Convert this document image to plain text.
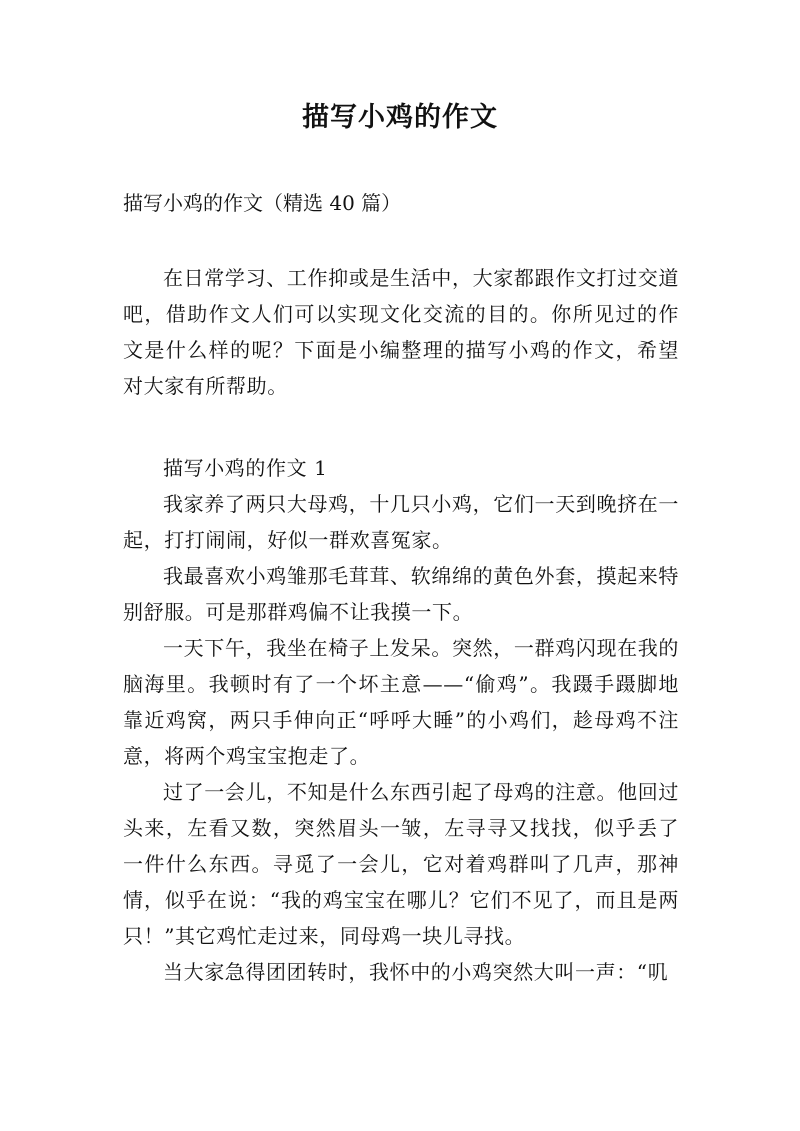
描写小鸡的作文
描写小鸡的作文（精选 40 篇）

在日常学习、工作抑或是生活中，大家都跟作文打过交道吧，借助作文人们可以实现文化交流的目的。你所见过的作文是什么样的呢？下面是小编整理的描写小鸡的作文，希望对大家有所帮助。

描写小鸡的作文 1

我家养了两只大母鸡，十几只小鸡，它们一天到晚挤在一起，打打闹闹，好似一群欢喜冤家。

我最喜欢小鸡雏那毛茸茸、软绵绵的黄色外套，摸起来特别舒服。可是那群鸡偏不让我摸一下。

一天下午，我坐在椅子上发呆。突然，一群鸡闪现在我的脑海里。我顿时有了一个坏主意——“偷鸡”。我蹑手蹑脚地靠近鸡窝，两只手伸向正“呼呼大睡”的小鸡们，趁母鸡不注意，将两个鸡宝宝抱走了。

过了一会儿，不知是什么东西引起了母鸡的注意。他回过头来，左看又数，突然眉头一皱，左寻寻又找找，似乎丢了一件什么东西。寻觅了一会儿，它对着鸡群叫了几声，那神情，似乎在说：“我的鸡宝宝在哪儿？它们不见了，而且是两只！”其它鸡忙走过来，同母鸡一块儿寻找。

当大家急得团团转时，我怀中的小鸡突然大叫一声：“叽
